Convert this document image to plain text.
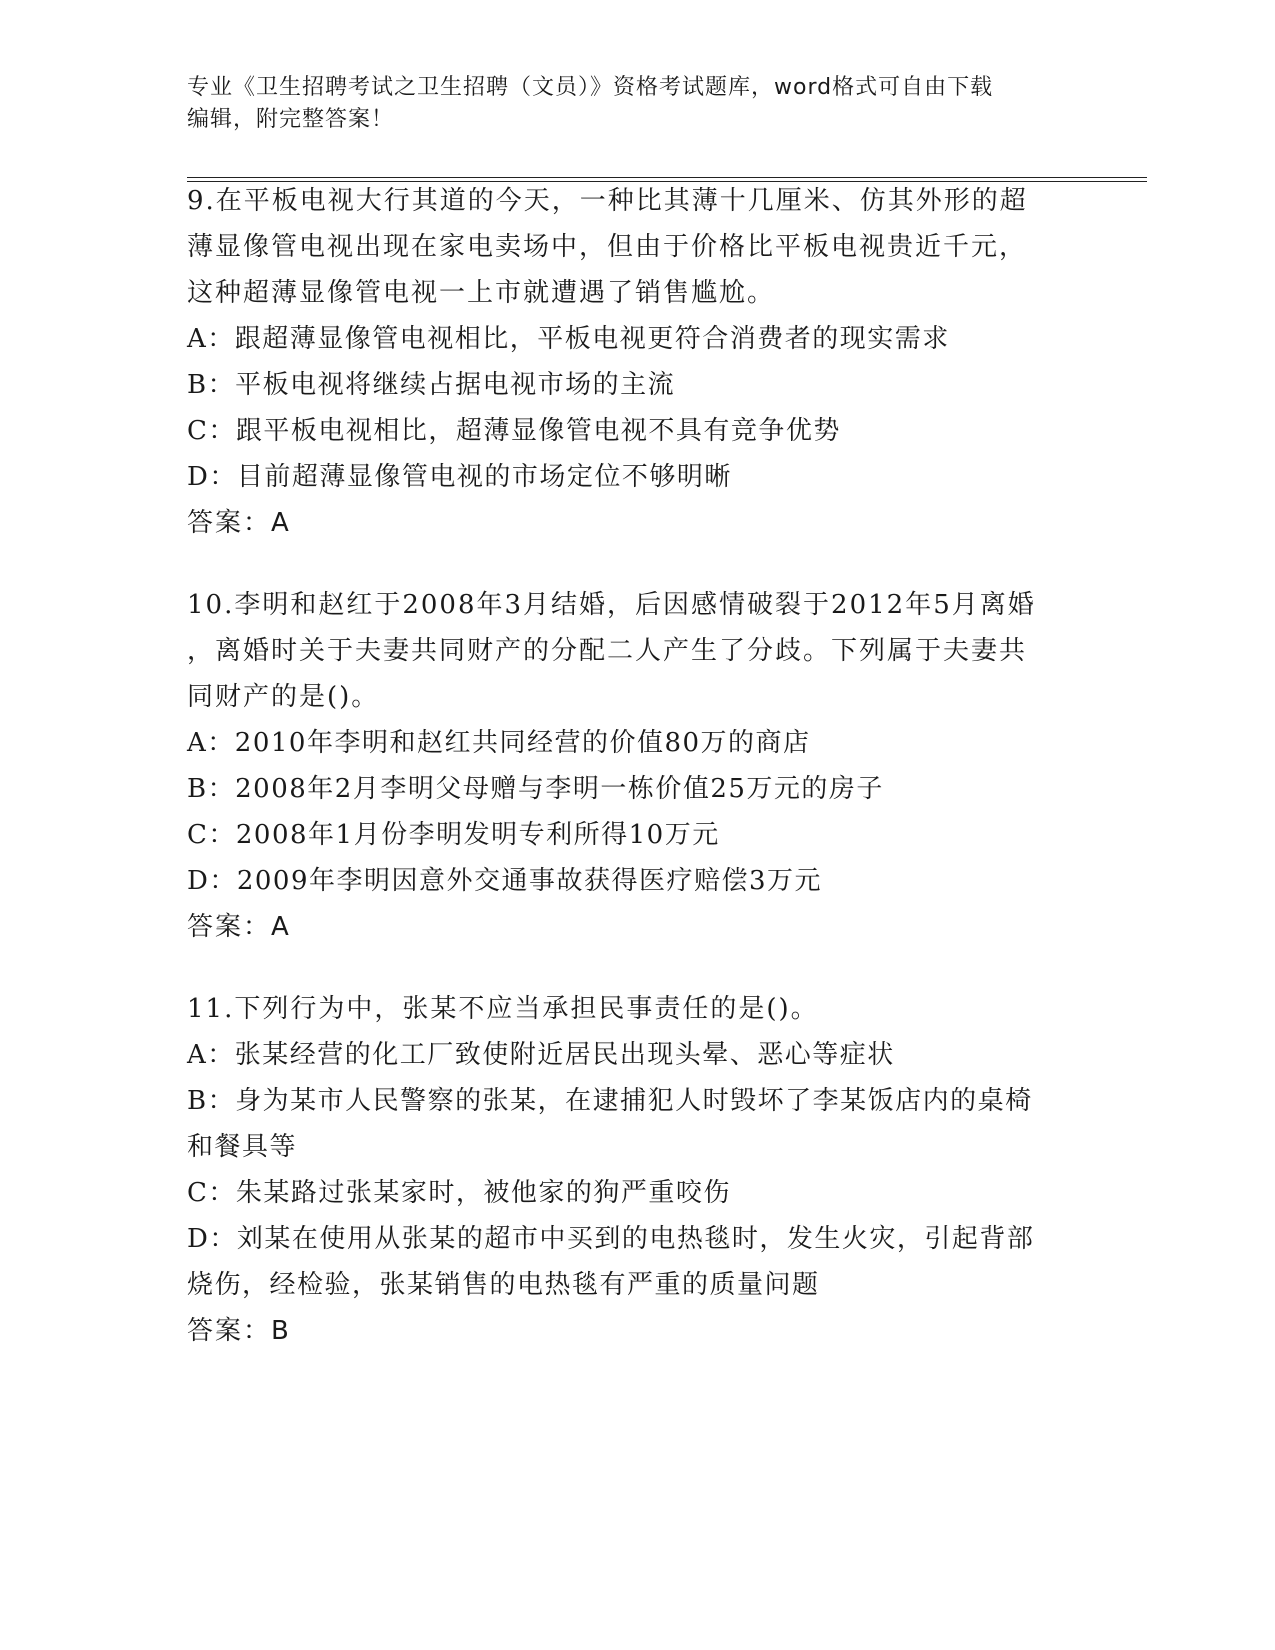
专业《卫生招聘考试之卫生招聘（文员）》资格考试题库，word格式可自由下载
编辑，附完整答案！

9.在平板电视大行其道的今天，一种比其薄十几厘米、仿其外形的超

薄显像管电视出现在家电卖场中，但由于价格比平板电视贵近千元，

这种超薄显像管电视一上市就遭遇了销售尴尬。

A：跟超薄显像管电视相比，平板电视更符合消费者的现实需求

B：平板电视将继续占据电视市场的主流

C：跟平板电视相比，超薄显像管电视不具有竞争优势

D：目前超薄显像管电视的市场定位不够明晰

答案：A

10.李明和赵红于2008年3月结婚，后因感情破裂于2012年5月离婚

，离婚时关于夫妻共同财产的分配二人产生了分歧。下列属于夫妻共

同财产的是()。

A：2010年李明和赵红共同经营的价值80万的商店

B：2008年2月李明父母赠与李明一栋价值25万元的房子

C：2008年1月份李明发明专利所得10万元

D：2009年李明因意外交通事故获得医疗赔偿3万元

答案：A

11.下列行为中，张某不应当承担民事责任的是()。

A：张某经营的化工厂致使附近居民出现头晕、恶心等症状

B：身为某市人民警察的张某，在逮捕犯人时毁坏了李某饭店内的桌椅

和餐具等

C：朱某路过张某家时，被他家的狗严重咬伤

D：刘某在使用从张某的超市中买到的电热毯时，发生火灾，引起背部

烧伤，经检验，张某销售的电热毯有严重的质量问题

答案：B
